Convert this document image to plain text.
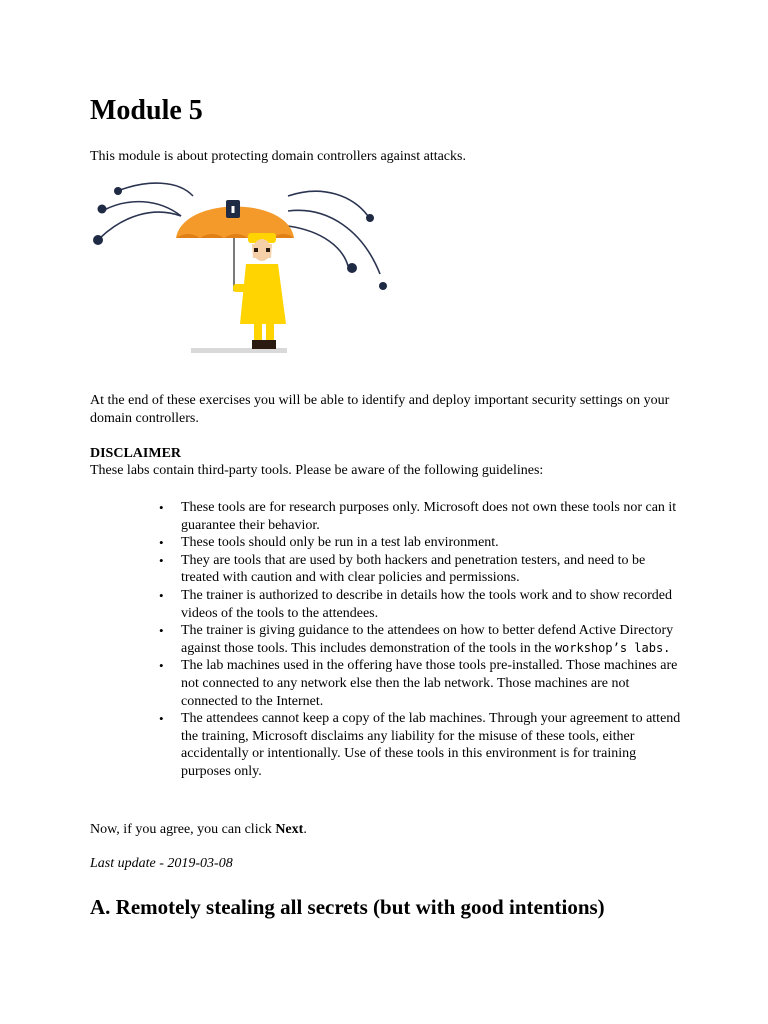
Module 5

This module is about protecting domain controllers against attacks.

At the end of these exercises you will be able to identify and deploy important security settings on your domain controllers.

DISCLAIMER

These labs contain third-party tools. Please be aware of the following guidelines:

• These tools are for research purposes only. Microsoft does not own these tools nor can it guarantee their behavior.
• These tools should only be run in a test lab environment.
• They are tools that are used by both hackers and penetration testers, and need to be treated with caution and with clear policies and permissions.
• The trainer is authorized to describe in details how the tools work and to show recorded videos of the tools to the attendees.
• The trainer is giving guidance to the attendees on how to better defend Active Directory against those tools. This includes demonstration of the tools in the workshop’s labs.
• The lab machines used in the offering have those tools pre-installed. Those machines are not connected to any network else then the lab network. Those machines are not connected to the Internet.
• The attendees cannot keep a copy of the lab machines. Through your agreement to attend the training, Microsoft disclaims any liability for the misuse of these tools, either accidentally or intentionally. Use of these tools in this environment is for training purposes only.

Now, if you agree, you can click Next.

Last update - 2019-03-08

A. Remotely stealing all secrets (but with good intentions)
